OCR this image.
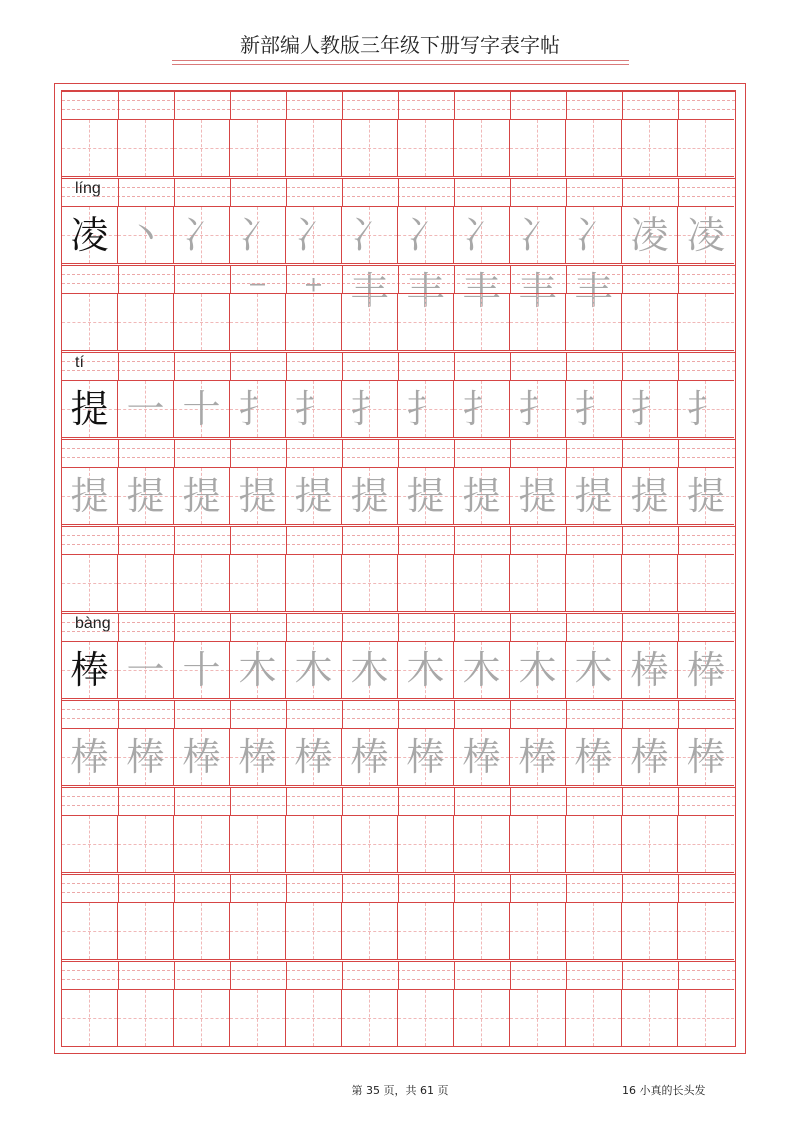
新部编人教版三年级下册写字表字帖
líng
凌 丶 冫 冫⁻
冫⁺
冫丰
冫丰
冫丰
冫丰
冫丰
凌 凌
tí
提 一 十 扌 扌 扌 扌 扌 扌 扌 扌 扌
提 提 提 提 提 提 提 提 提 提 提 提
bàng
棒 一 十 木 木 木 木 木 木 木 棒 棒
棒 棒 棒 棒 棒 棒 棒 棒 棒 棒 棒 棒
第 35 页，共 61 页	16 小真的长头发
